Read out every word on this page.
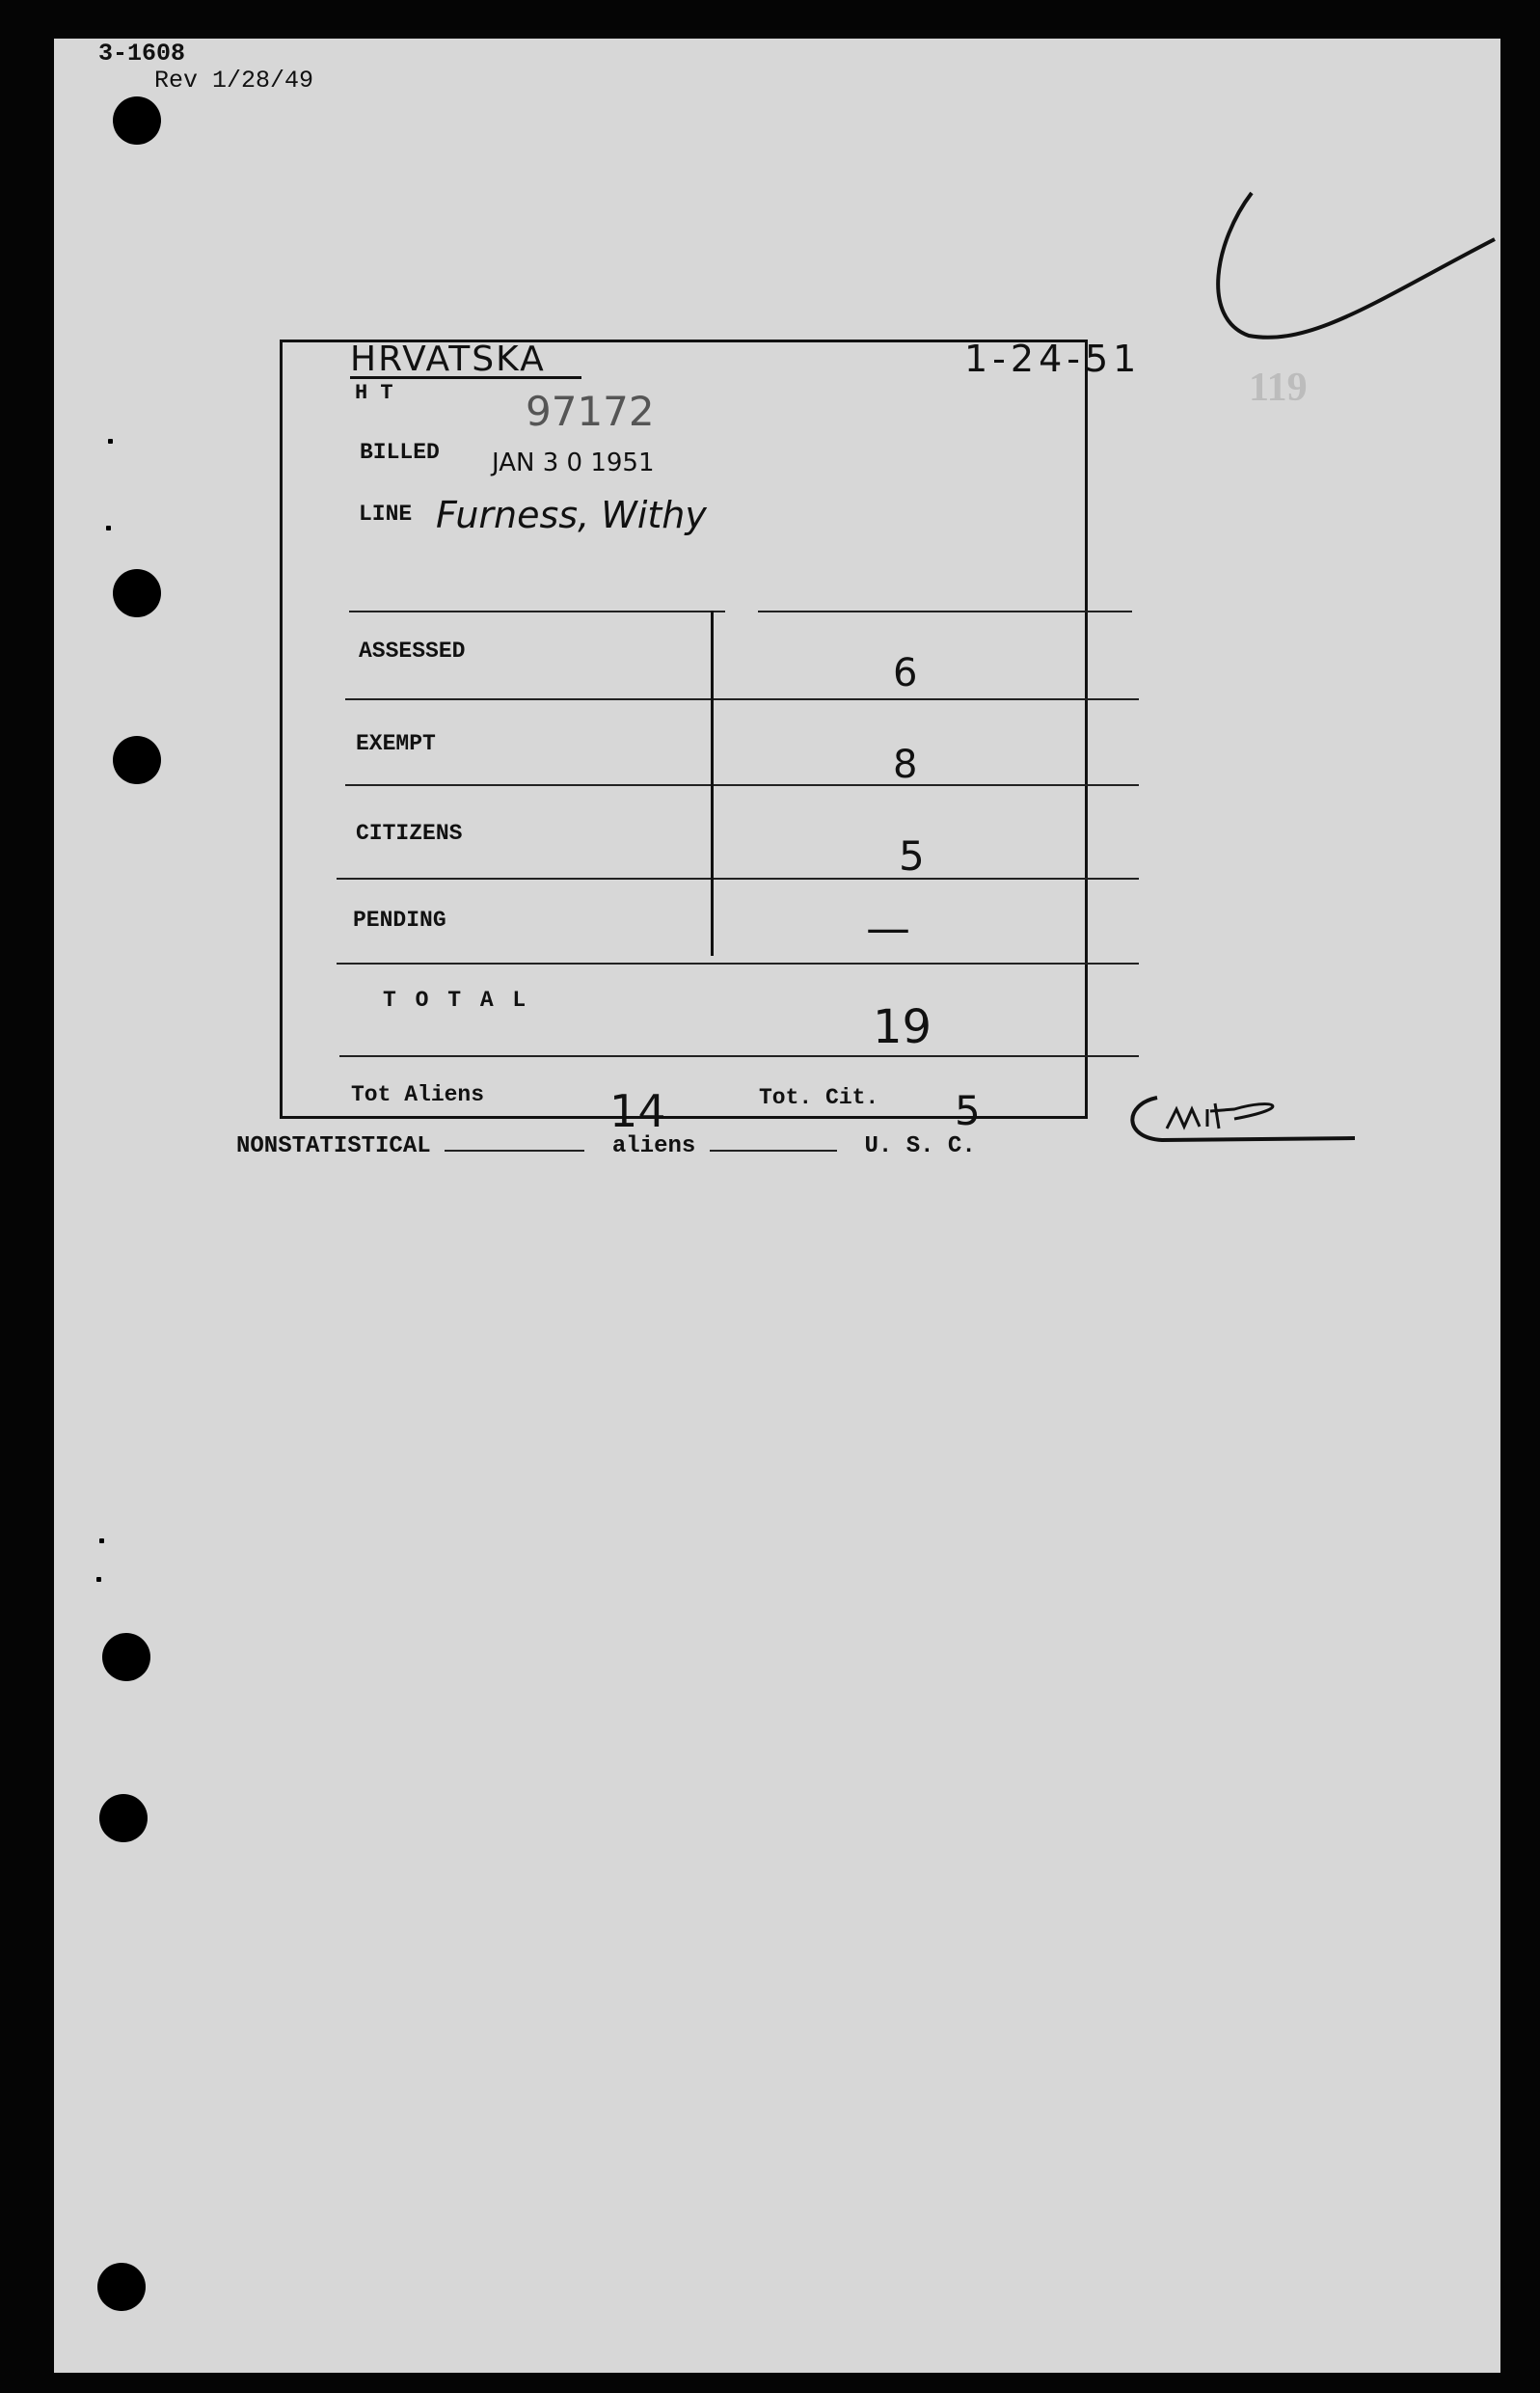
3-1608
Rev 1/28/49
119
HRVATSKA	1-24-51
H T	97172
BILLED JAN 3 0 1951
LINE Furness, Withy
ASSESSED	6
EXEMPT	8
CITIZENS	5
PENDING	—
T O T A L	19
Tot Aliens	14	Tot. Cit. 5
NONSTATISTICAL	aliens	U. S. C.
